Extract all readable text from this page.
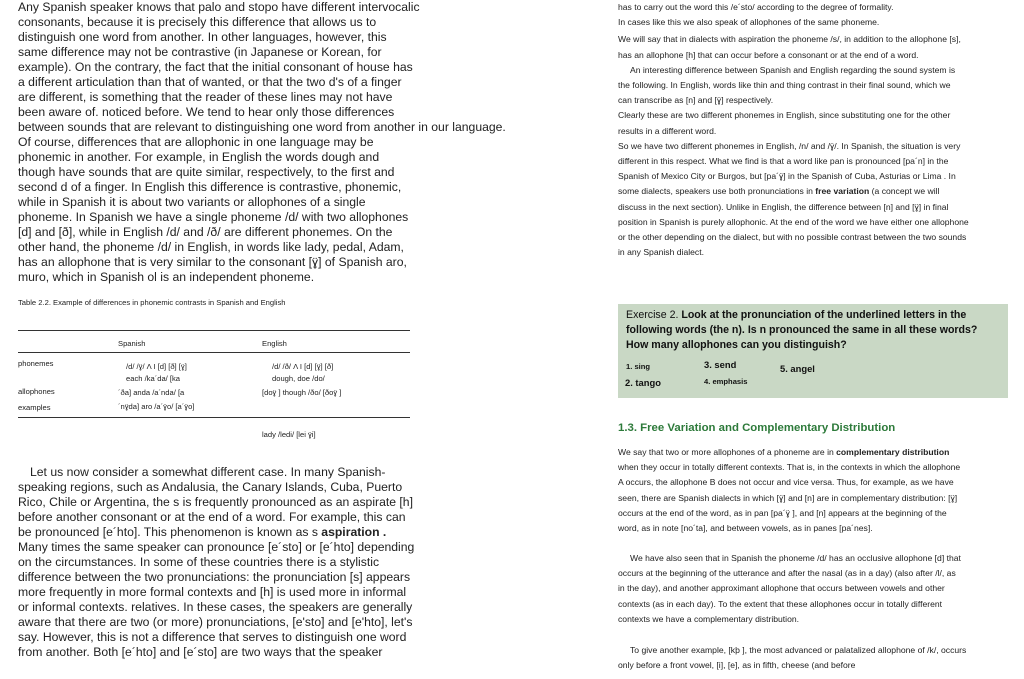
Any Spanish speaker knows that palo and stopo have different intervocalic

consonants, because it is precisely this difference that allows us to

distinguish one word from another. In other languages, however, this

same difference may not be contrastive (in Japanese or Korean, for

example). On the contrary, the fact that the initial consonant of house has

a different articulation than that of wanted, or that the two d's of a finger

are different, is something that the reader of these lines may not have

been aware of. noticed before. We tend to hear only those differences

between sounds that are relevant to distinguishing one word from another in our language.

Of course, differences that are allophonic in one language may be

phonemic in another. For example, in English the words dough and

though have sounds that are quite similar, respectively, to the first and

second d of a finger. In English this difference is contrastive, phonemic,

while in Spanish it is about two variants or allophones of a single

phoneme. In Spanish we have a single phoneme /d/ with two allophones

[d] and [ð], while in English /d/ and /ð/ are different phonemes. On the

other hand, the phoneme /d/ in English, in words like lady, pedal, Adam,

has an allophone that is very similar to the consonant [ɣ̈] of Spanish aro,

muro, which in Spanish ol is an independent phoneme.

Table 2.2. Example of differences in phonemic contrasts in Spanish and English
Spanish	English
phonemes
allophones
examples
/d/ /ɣ̈/ Λ I [d] [ð] [ɣ̈]
each /ka´da/ [ka
´ða] anda /a´nda/ [a
´nɣ̈da] aro /a´ɣ̈o/ [a´ɣ̈o]
/d/ /ð/ Λ I [d] [ɣ̈] [ð]
dough, doe /do/
[doɣ̈ ] though /ðo/ [ðoɣ̈ ]
lady /ledi/ [lei ɣ̈i]

Let us now consider a somewhat different case. In many Spanish-

speaking regions, such as Andalusia, the Canary Islands, Cuba, Puerto

Rico, Chile or Argentina, the s is frequently pronounced as an aspirate [h]

before another consonant or at the end of a word. For example, this can

be pronounced [e´hto]. This phenomenon is known as s aspiration .

Many times the same speaker can pronounce [e´sto] or [e´hto] depending

on the circumstances. In some of these countries there is a stylistic

difference between the two pronunciations: the pronunciation [s] appears

more frequently in more formal contexts and [h] is used more in informal

or informal contexts. relatives. In these cases, the speakers are generally

aware that there are two (or more) pronunciations, [e'sto] and [e'hto], let's

say. However, this is not a difference that serves to distinguish one word

from another. Both [e´hto] and [e´sto] are two ways that the speaker

has to carry out the word this /e´sto/ according to the degree of formality.

In cases like this we also speak of allophones of the same phoneme.

We will say that in dialects with aspiration the phoneme /s/, in addition to the allophone [s],

has an allophone [h] that can occur before a consonant or at the end of a word.

An interesting difference between Spanish and English regarding the sound system is

the following. In English, words like thin and thing contrast in their final sound, which we

can transcribe as [n] and [ɣ̈] respectively.

Clearly these are two different phonemes in English, since substituting one for the other

results in a different word.

So we have two different phonemes in English, /n/ and /ɣ̈/. In Spanish, the situation is very

different in this respect. What we find is that a word like pan is pronounced [pa´n] in the

Spanish of Mexico City or Burgos, but [pa´ɣ̈] in the Spanish of Cuba, Asturias or Lima . In

some dialects, speakers use both pronunciations in free variation (a concept we will

discuss in the next section). Unlike in English, the difference between [n] and [ɣ̈] in final

position in Spanish is purely allophonic. At the end of the word we have either one allophone

or the other depending on the dialect, but with no possible contrast between the two sounds

in any Spanish dialect.

Exercise 2. Look at the pronunciation of the underlined letters in the following words (the n). Is n pronounced the same in all these words? How many allophones can you distinguish?
1. sing
2. tango
3. send
4. emphasis
5. angel
1.3. Free Variation and Complementary Distribution

We say that two or more allophones of a phoneme are in complementary distribution

when they occur in totally different contexts. That is, in the contexts in which the allophone

A occurs, the allophone B does not occur and vice versa. Thus, for example, as we have

seen, there are Spanish dialects in which [ɣ̈] and [n] are in complementary distribution: [ɣ̈]

occurs at the end of the word, as in pan [pa´ɣ̈ ], and [n] appears at the beginning of the

word, as in note [no´ta], and between vowels, as in panes [pa´nes].

We have also seen that in Spanish the phoneme /d/ has an occlusive allophone [d] that

occurs at the beginning of the utterance and after the nasal (as in a day) (also after /l/, as

in the day), and another approximant allophone that occurs between vowels and other

contexts (as in each day). To the extent that these allophones occur in totally different

contexts we have a complementary distribution.

To give another example, [kþ ], the most advanced or palatalized allophone of /k/, occurs

only before a front vowel, [i], [e], as in fifth, cheese (and before
